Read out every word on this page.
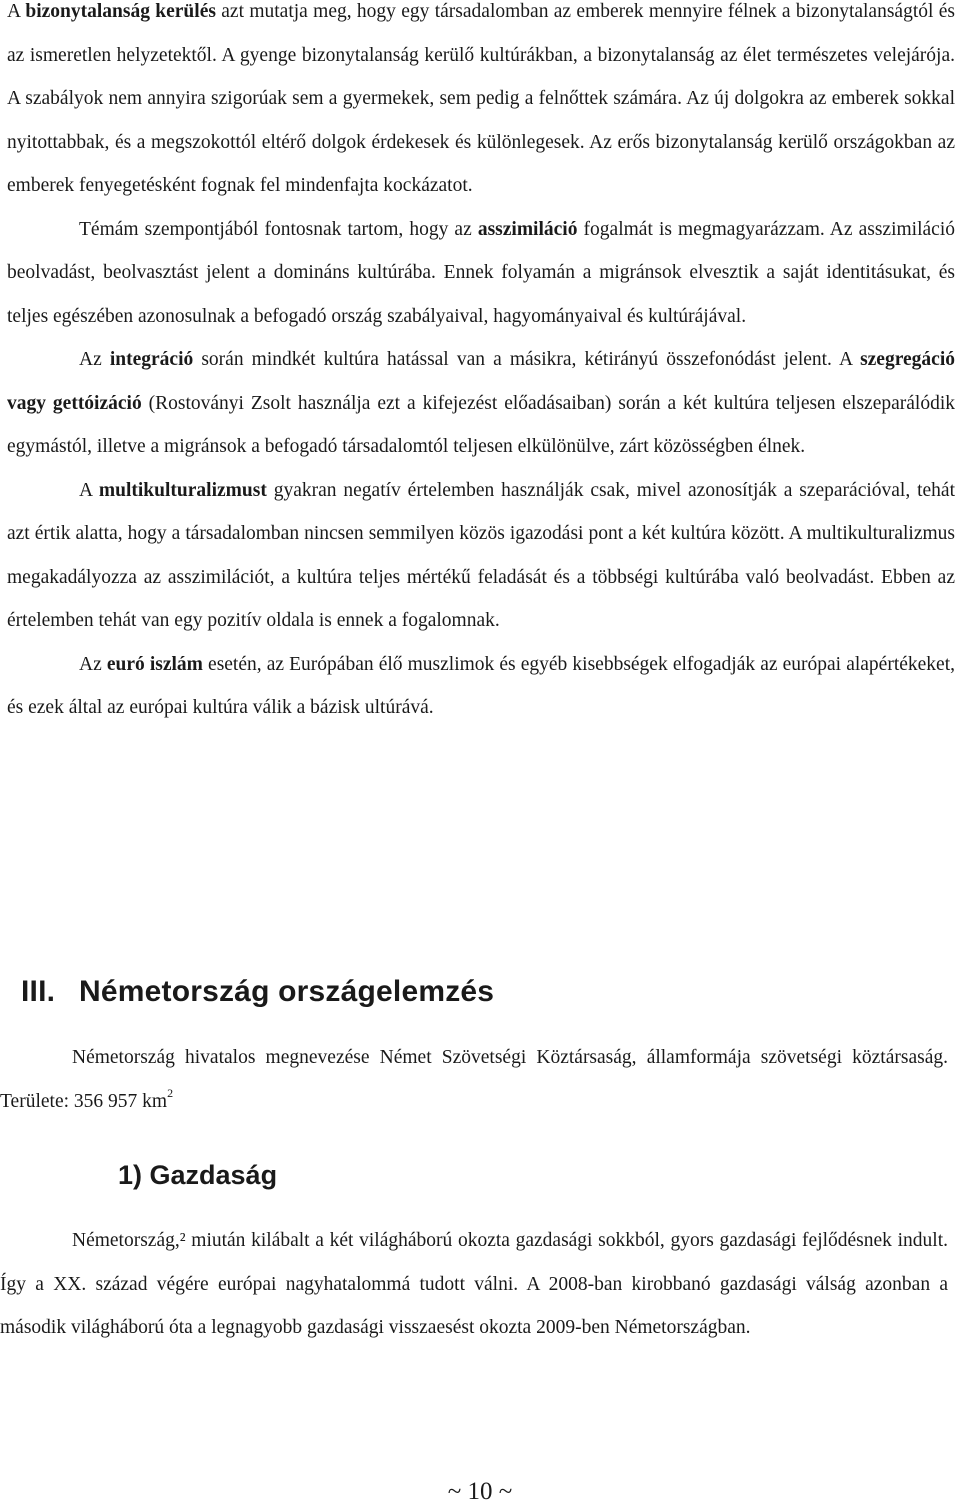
A bizonytalanság kerülés azt mutatja meg, hogy egy társadalomban az emberek mennyire félnek a bizonytalanságtól és az ismeretlen helyzetektől. A gyenge bizonytalanság kerülő kultúrákban, a bizonytalanság az élet természetes velejárója. A szabályok nem annyira szigorúak sem a gyermekek, sem pedig a felnőttek számára. Az új dolgokra az emberek sokkal nyitottabbak, és a megszokottól eltérő dolgok érdekesek és különlegesek. Az erős bizonytalanság kerülő országokban az emberek fenyegetésként fognak fel mindenfajta kockázatot.

Témám szempontjából fontosnak tartom, hogy az asszimiláció fogalmát is megmagyarázzam. Az asszimiláció beolvadást, beolvasztást jelent a domináns kultúrába. Ennek folyamán a migránsok elvesztik a saját identitásukat, és teljes egészében azonosulnak a befogadó ország szabályaival, hagyományaival és kultúrájával.

Az integráció során mindkét kultúra hatással van a másikra, kétirányú összefonódást jelent. A szegregáció vagy gettóizáció (Rostoványi Zsolt használja ezt a kifejezést előadásaiban) során a két kultúra teljesen elszeparálódik egymástól, illetve a migránsok a befogadó társadalomtól teljesen elkülönülve, zárt közösségben élnek.

A multikulturalizmust gyakran negatív értelemben használják csak, mivel azonosítják a szeparációval, tehát azt értik alatta, hogy a társadalomban nincsen semmilyen közös igazodási pont a két kultúra között. A multikulturalizmus megakadályozza az asszimilációt, a kultúra teljes mértékű feladását és a többségi kultúrába való beolvadást. Ebben az értelemben tehát van egy pozitív oldala is ennek a fogalomnak.

Az euró iszlám esetén, az Európában élő muszlimok és egyéb kisebbségek elfogadják az európai alapértékeket, és ezek által az európai kultúra válik a bázisk ultúrává.

III. Németország országelemzés

Németország hivatalos megnevezése Német Szövetségi Köztársaság, államformája szövetségi köztársaság. Területe: 356 957 $km^2$

1) Gazdaság

Németország,² miután kilábalt a két világháború okozta gazdasági sokkból, gyors gazdasági fejlődésnek indult. Így a XX. század végére európai nagyhatalommá tudott válni. A 2008-ban kirobbanó gazdasági válság azonban a második világháború óta a legnagyobb gazdasági visszaesést okozta 2009-ben Németországban.

~ 10 ~
